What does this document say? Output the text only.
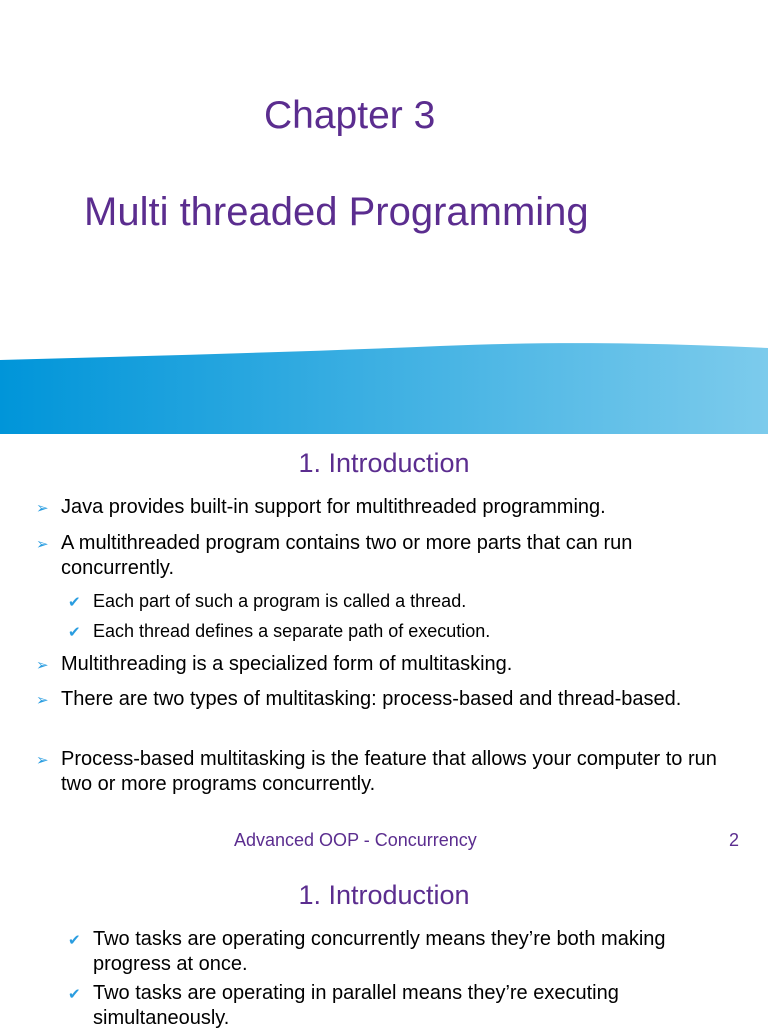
Chapter 3
Multi threaded Programming
1. Introduction
➢ Java provides built-in support for multithreaded programming.
➢ A multithreaded program contains two or more parts that can run concurrently.
✔ Each part of such a program is called a thread.
✔ Each thread defines a separate path of execution.
➢ Multithreading is a specialized form of multitasking.
➢ There are two types of multitasking: process-based and thread-based.
➢ Process-based multitasking is the feature that allows your computer to run two or more programs concurrently.
Advanced OOP - Concurrency	2
1. Introduction
✔ Two tasks are operating concurrently means they’re both making progress at once.
✔ Two tasks are operating in parallel means they’re executing simultaneously.
